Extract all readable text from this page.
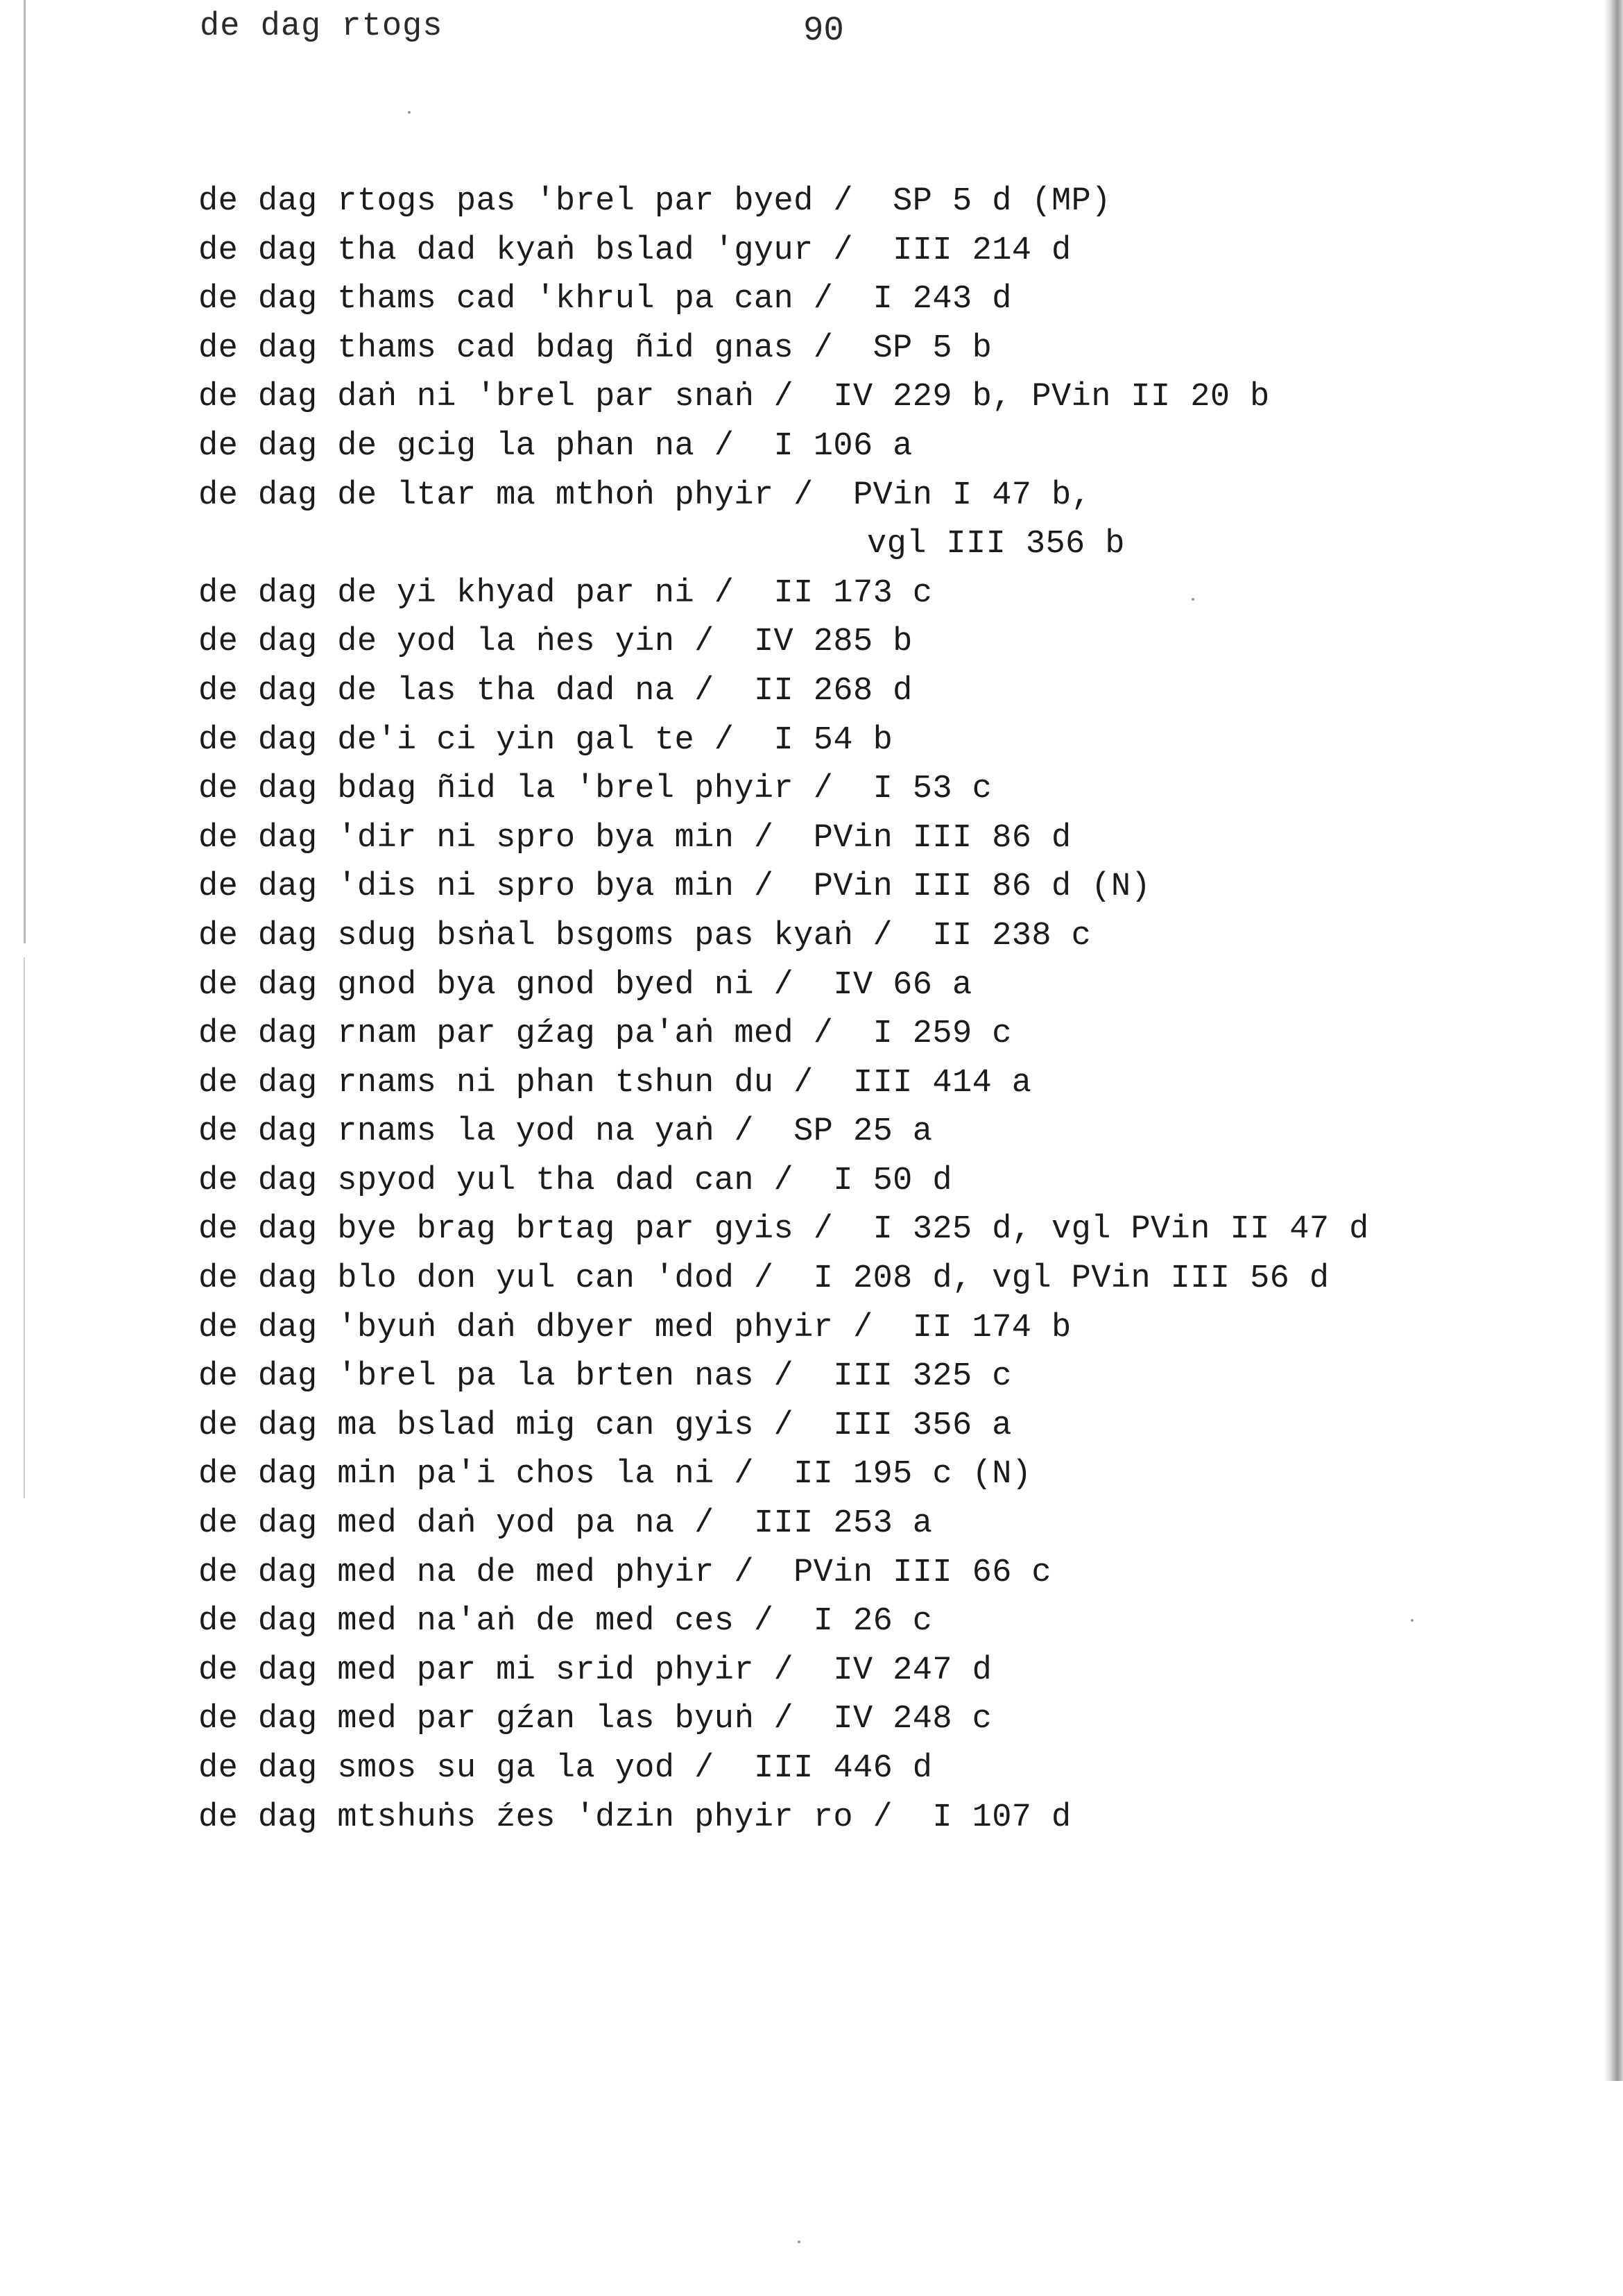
de dag rtogs	90
de dag rtogs pas 'brel par byed / SP 5 d (MP)
de dag tha dad kyaṅ bslad 'gyur / III 214 d
de dag thams cad 'khrul pa can / I 243 d
de dag thams cad bdag ñid gnas / SP 5 b
de dag daṅ ni 'brel par snaṅ / IV 229 b, PVin II 20 b
de dag de gcig la phan na / I 106 a
de dag de ltar ma mthoṅ phyir / PVin I 47 b,
vgl III 356 b
de dag de yi khyad par ni / II 173 c
de dag de yod la ṅes yin / IV 285 b
de dag de las tha dad na / II 268 d
de dag de'i ci yin gal te / I 54 b
de dag bdag ñid la 'brel phyir / I 53 c
de dag 'dir ni spro bya min / PVin III 86 d
de dag 'dis ni spro bya min / PVin III 86 d (N)
de dag sdug bsṅal bsgoms pas kyaṅ / II 238 c
de dag gnod bya gnod byed ni / IV 66 a
de dag rnam par gźag pa'aṅ med / I 259 c
de dag rnams ni phan tshun du / III 414 a
de dag rnams la yod na yaṅ / SP 25 a
de dag spyod yul tha dad can / I 50 d
de dag bye brag brtag par gyis / I 325 d, vgl PVin II 47 d
de dag blo don yul can 'dod / I 208 d, vgl PVin III 56 d
de dag 'byuṅ daṅ dbyer med phyir / II 174 b
de dag 'brel pa la brten nas / III 325 c
de dag ma bslad mig can gyis / III 356 a
de dag min pa'i chos la ni / II 195 c (N)
de dag med daṅ yod pa na / III 253 a
de dag med na de med phyir / PVin III 66 c
de dag med na'aṅ de med ces / I 26 c
de dag med par mi srid phyir / IV 247 d
de dag med par gźan las byuṅ / IV 248 c
de dag smos su ga la yod / III 446 d
de dag mtshuṅs źes 'dzin phyir ro / I 107 d
